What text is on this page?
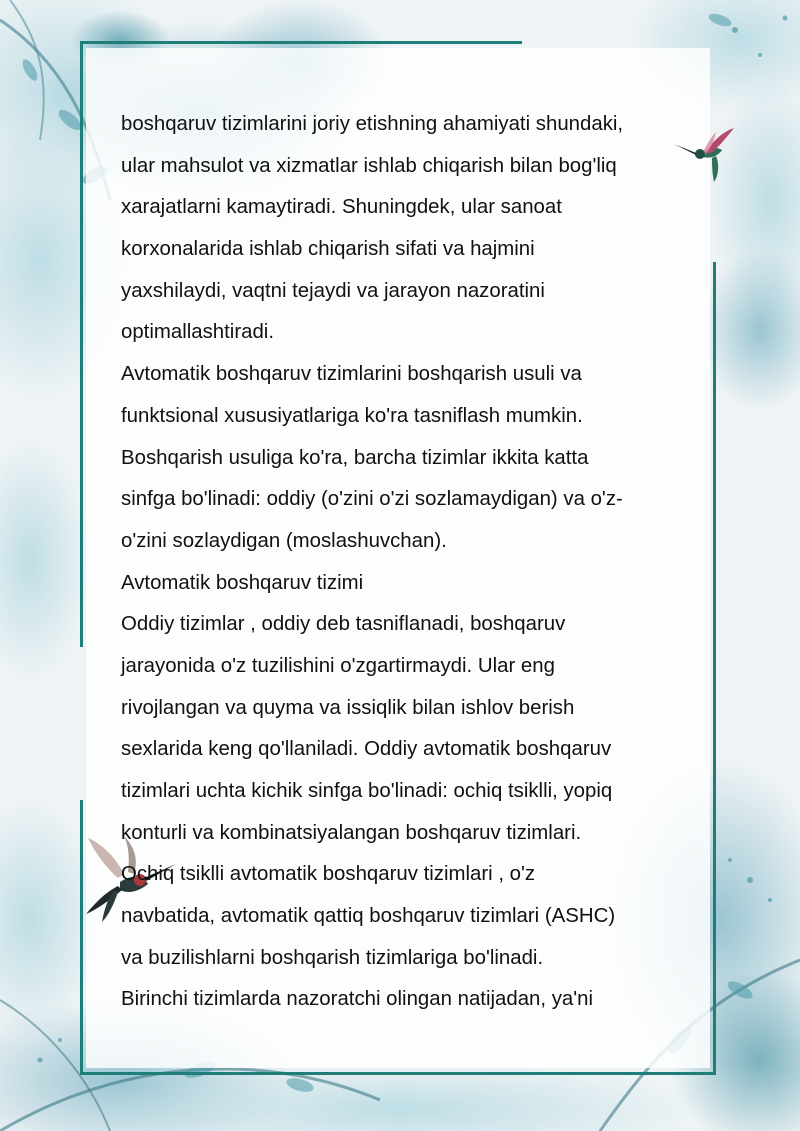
boshqaruv tizimlarini joriy etishning ahamiyati shundaki,
ular mahsulot va xizmatlar ishlab chiqarish bilan bog'liq
xarajatlarni kamaytiradi. Shuningdek, ular sanoat
korxonalarida ishlab chiqarish sifati va hajmini
yaxshilaydi, vaqtni tejaydi va jarayon nazoratini
optimallashtiradi.
Avtomatik boshqaruv tizimlarini boshqarish usuli va
funktsional xususiyatlariga ko'ra tasniflash mumkin.
Boshqarish usuliga ko'ra, barcha tizimlar ikkita katta
sinfga bo'linadi: oddiy (o'zini o'zi sozlamaydigan) va o'z-
o'zini sozlaydigan (moslashuvchan).
Avtomatik boshqaruv tizimi
Oddiy tizimlar , oddiy deb tasniflanadi, boshqaruv
jarayonida o'z tuzilishini o'zgartirmaydi. Ular eng
rivojlangan va quyma va issiqlik bilan ishlov berish
sexlarida keng qo'llaniladi. Oddiy avtomatik boshqaruv
tizimlari uchta kichik sinfga bo'linadi: ochiq tsiklli, yopiq
konturli va kombinatsiyalangan boshqaruv tizimlari.
Ochiq tsiklli avtomatik boshqaruv tizimlari , o'z
navbatida, avtomatik qattiq boshqaruv tizimlari (ASHC)
va buzilishlarni boshqarish tizimlariga bo'linadi.
Birinchi tizimlarda nazoratchi olingan natijadan, ya'ni
